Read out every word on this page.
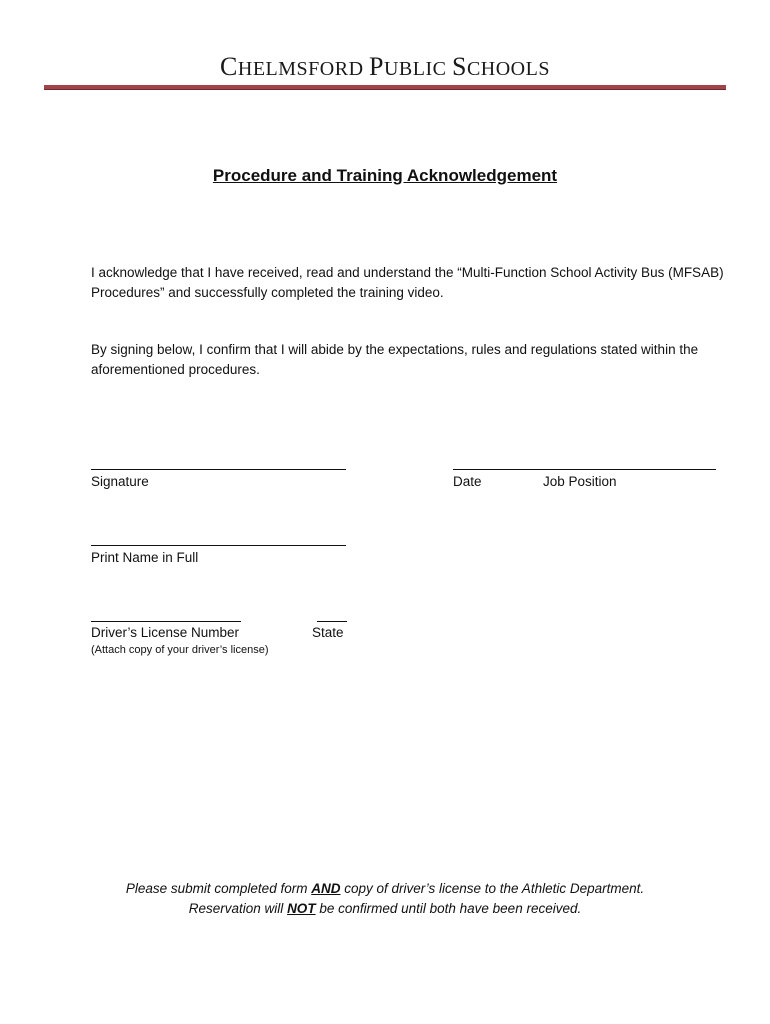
CHELMSFORD PUBLIC SCHOOLS
Procedure and Training Acknowledgement

I acknowledge that I have received, read and understand the “Multi-Function School Activity Bus (MFSAB) Procedures” and successfully completed the training video.

By signing below, I confirm that I will abide by the expectations, rules and regulations stated within the aforementioned procedures.

Signature	Date	Job Position

Print Name in Full

Driver’s License Number

(Attach copy of your driver’s license)

State

Please submit completed form AND copy of driver’s license to the Athletic Department.

Reservation will NOT be confirmed until both have been received.
